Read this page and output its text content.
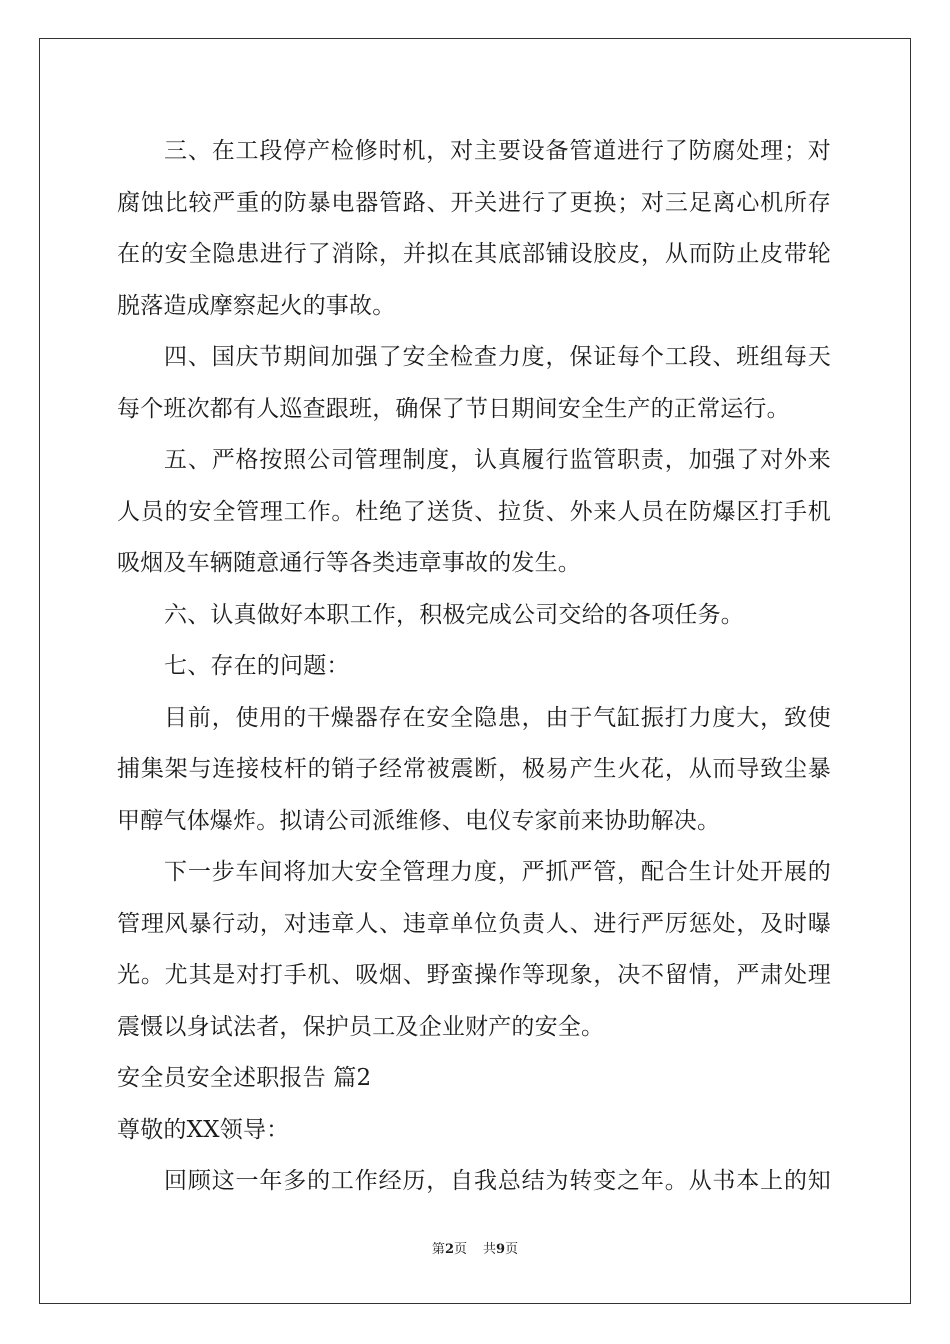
三、在工段停产检修时机，对主要设备管道进行了防腐处理；对
腐蚀比较严重的防暴电器管路、开关进行了更换；对三足离心机所存
在的安全隐患进行了消除，并拟在其底部铺设胶皮，从而防止皮带轮
脱落造成摩察起火的事故。
四、国庆节期间加强了安全检查力度，保证每个工段、班组每天
每个班次都有人巡查跟班，确保了节日期间安全生产的正常运行。
五、严格按照公司管理制度，认真履行监管职责，加强了对外来
人员的安全管理工作。杜绝了送货、拉货、外来人员在防爆区打手机
吸烟及车辆随意通行等各类违章事故的发生。
六、认真做好本职工作，积极完成公司交给的各项任务。
七、存在的问题：
目前，使用的干燥器存在安全隐患，由于气缸振打力度大，致使
捕集架与连接枝杆的销子经常被震断，极易产生火花，从而导致尘暴
甲醇气体爆炸。拟请公司派维修、电仪专家前来协助解决。
下一步车间将加大安全管理力度，严抓严管，配合生计处开展的
管理风暴行动，对违章人、违章单位负责人、进行严厉惩处，及时曝
光。尤其是对打手机、吸烟、野蛮操作等现象，决不留情，严肃处理
震慑以身试法者，保护员工及企业财产的安全。
安全员安全述职报告 篇2
尊敬的XX领导：
回顾这一年多的工作经历，自我总结为转变之年。从书本上的知
第2页 共9页
